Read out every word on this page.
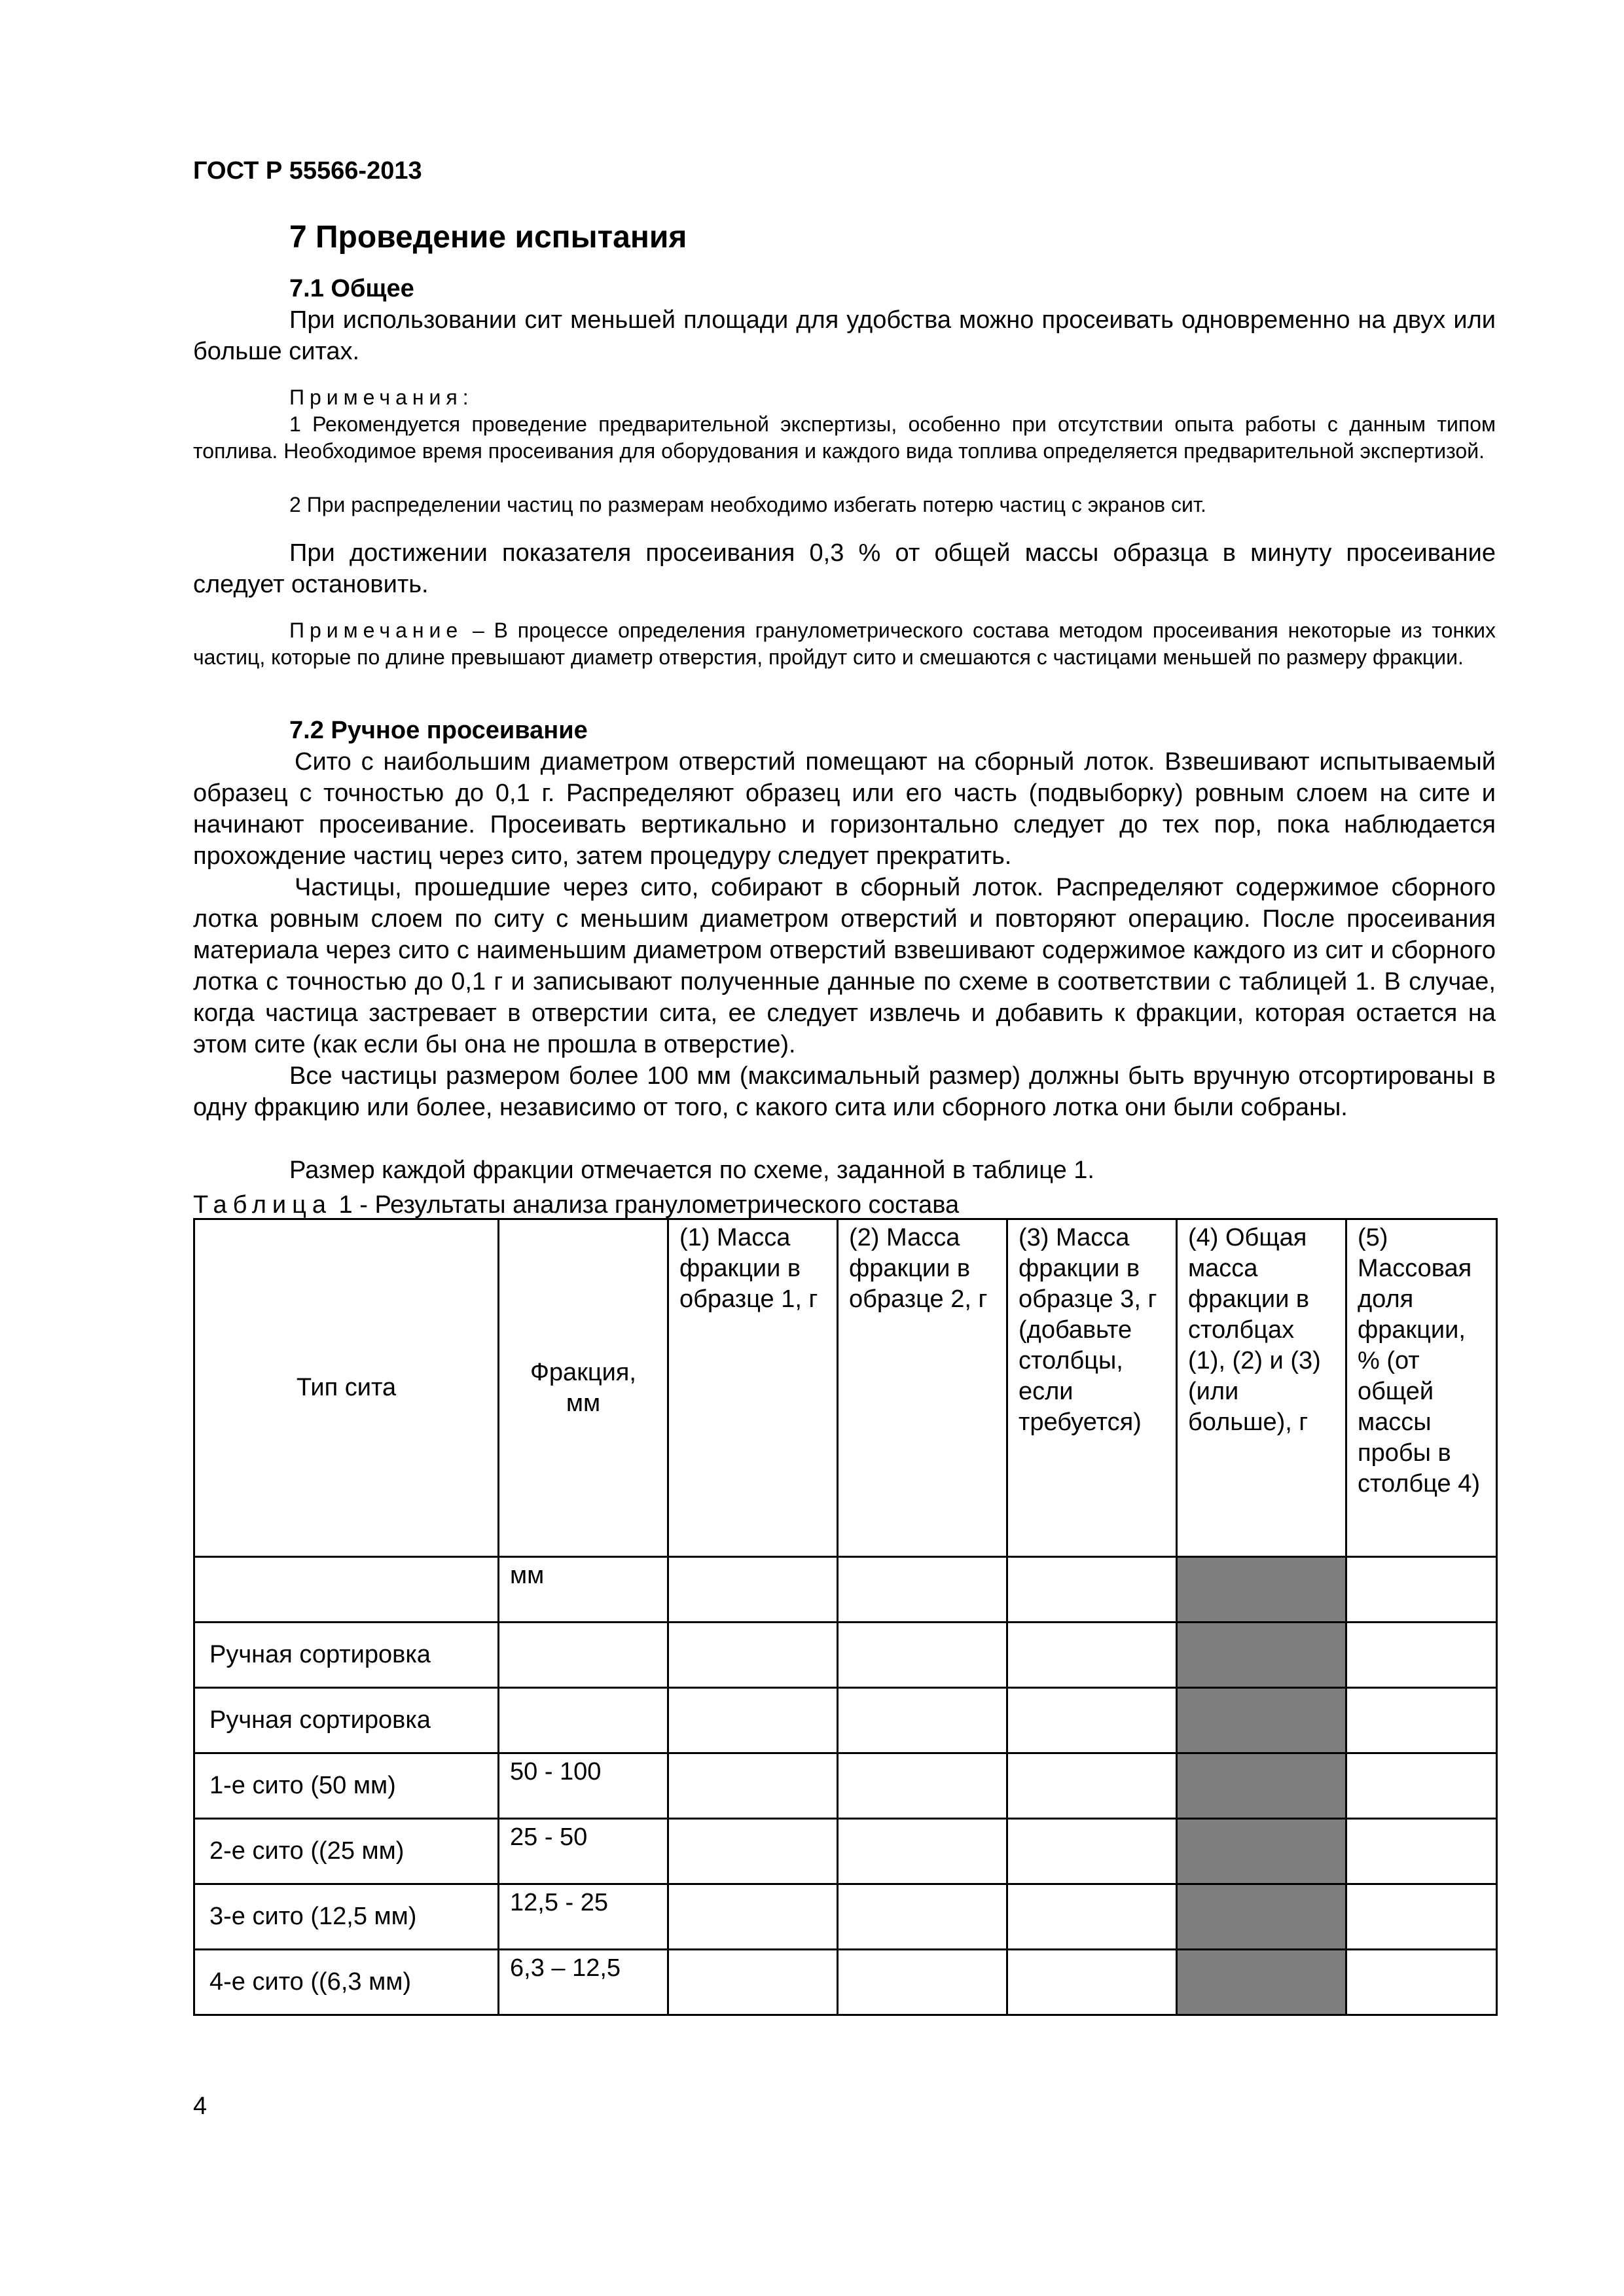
ГОСТ Р 55566-2013
7 Проведение испытания
7.1 Общее

При использовании сит меньшей площади для удобства можно просеивать одновременно на двух или больше ситах.

Примечания:

1 Рекомендуется проведение предварительной экспертизы, особенно при отсутствии опыта работы с данным типом топлива. Необходимое время просеивания для оборудования и каждого вида топлива определяется предварительной экспертизой.

2 При распределении частиц по размерам необходимо избегать потерю частиц с экранов сит.

При достижении показателя просеивания 0,3 % от общей массы образца в минуту просеивание следует остановить.

Примечание – В процессе определения гранулометрического состава методом просеивания некоторые из тонких частиц, которые по длине превышают диаметр отверстия, пройдут сито и смешаются с частицами меньшей по размеру фракции.

7.2 Ручное просеивание

Сито с наибольшим диаметром отверстий помещают на сборный лоток. Взвешивают испытываемый образец с точностью до 0,1 г. Распределяют образец или его часть (подвыборку) ровным слоем на сите и начинают просеивание. Просеивать вертикально и горизонтально следует до тех пор, пока наблюдается прохождение частиц через сито, затем процедуру следует прекратить.

Частицы, прошедшие через сито, собирают в сборный лоток. Распределяют содержимое сборного лотка ровным слоем по ситу с меньшим диаметром отверстий и повторяют операцию. После просеивания материала через сито с наименьшим диаметром отверстий взвешивают содержимое каждого из сит и сборного лотка с точностью до 0,1 г и записывают полученные данные по схеме в соответствии с таблицей 1. В случае, когда частица застревает в отверстии сита, ее следует извлечь и добавить к фракции, которая остается на этом сите (как если бы она не прошла в отверстие).

Все частицы размером более 100 мм (максимальный размер) должны быть вручную отсортированы в одну фракцию или более, независимо от того, с какого сита или сборного лотка они были собраны.

Размер каждой фракции отмечается по схеме, заданной в таблице 1.
Таблица 1 - Результаты анализа гранулометрического состава
Тип сита	Фракция, мм	(1) Масса фракции в образце 1, г	(2) Масса фракции в образце 2, г	(3) Масса фракции в образце 3, г (добавьте столбцы, если требуется)	(4) Общая масса фракции в столбцах (1), (2) и (3) (или больше), г	(5) Массовая доля фракции, % (от общей массы пробы в столбце 4)
	мм					
Ручная сортировка						
Ручная сортировка						
1-е сито (50 мм)	50 - 100					
2-е сито ((25 мм)	25 - 50					
3-е сито (12,5 мм)	12,5 - 25					
4-е сито ((6,3 мм)	6,3 – 12,5					
4
